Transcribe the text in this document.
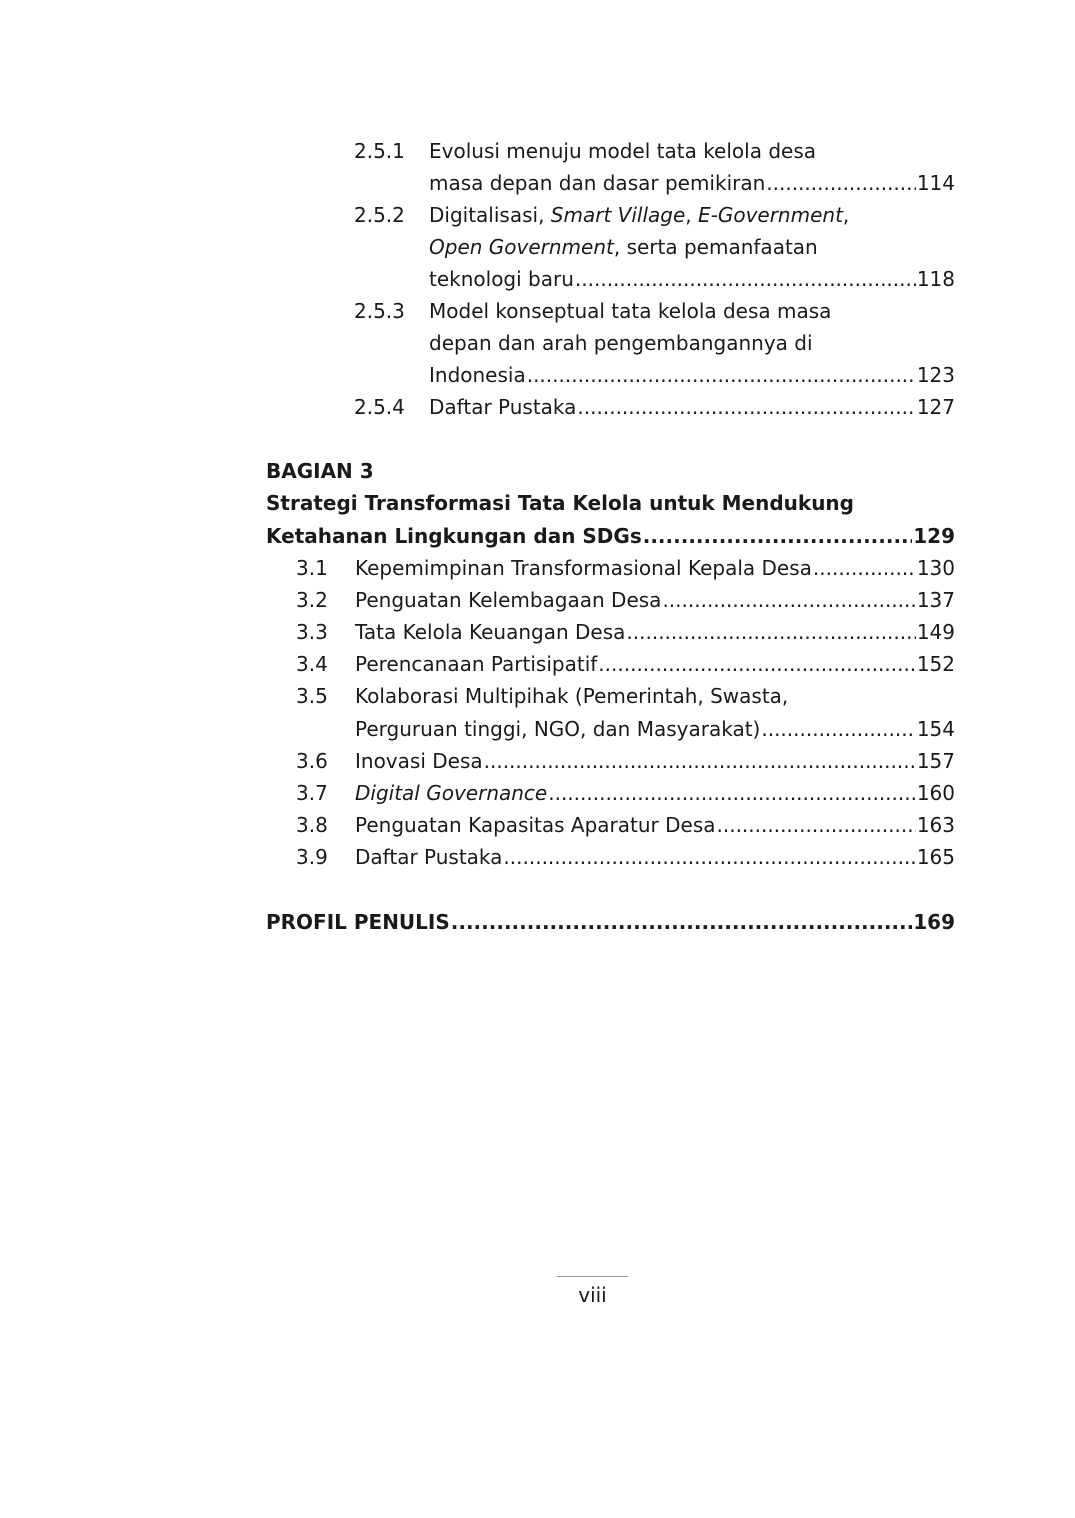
2.5.1 Evolusi menuju model tata kelola desa
masa depan dan dasar pemikiran .....	114
2.5.2 Digitalisasi, Smart Village, E-Government,
Open Government, serta pemanfaatan
teknologi baru .....	118
2.5.3 Model konseptual tata kelola desa masa
depan dan arah pengembangannya di
Indonesia .....	123
2.5.4 Daftar Pustaka .....	127
BAGIAN 3
Strategi Transformasi Tata Kelola untuk Mendukung
Ketahanan Lingkungan dan SDGs .....	129
3.1 Kepemimpinan Transformasional Kepala Desa .....	130
3.2 Penguatan Kelembagaan Desa .....	137
3.3 Tata Kelola Keuangan Desa .....	149
3.4 Perencanaan Partisipatif .....	152
3.5 Kolaborasi Multipihak (Pemerintah, Swasta,
Perguruan tinggi, NGO, dan Masyarakat) .....	154
3.6 Inovasi Desa .....	157
3.7 Digital Governance .....	160
3.8 Penguatan Kapasitas Aparatur Desa .....	163
3.9 Daftar Pustaka .....	165
PROFIL PENULIS .....	169
viii
